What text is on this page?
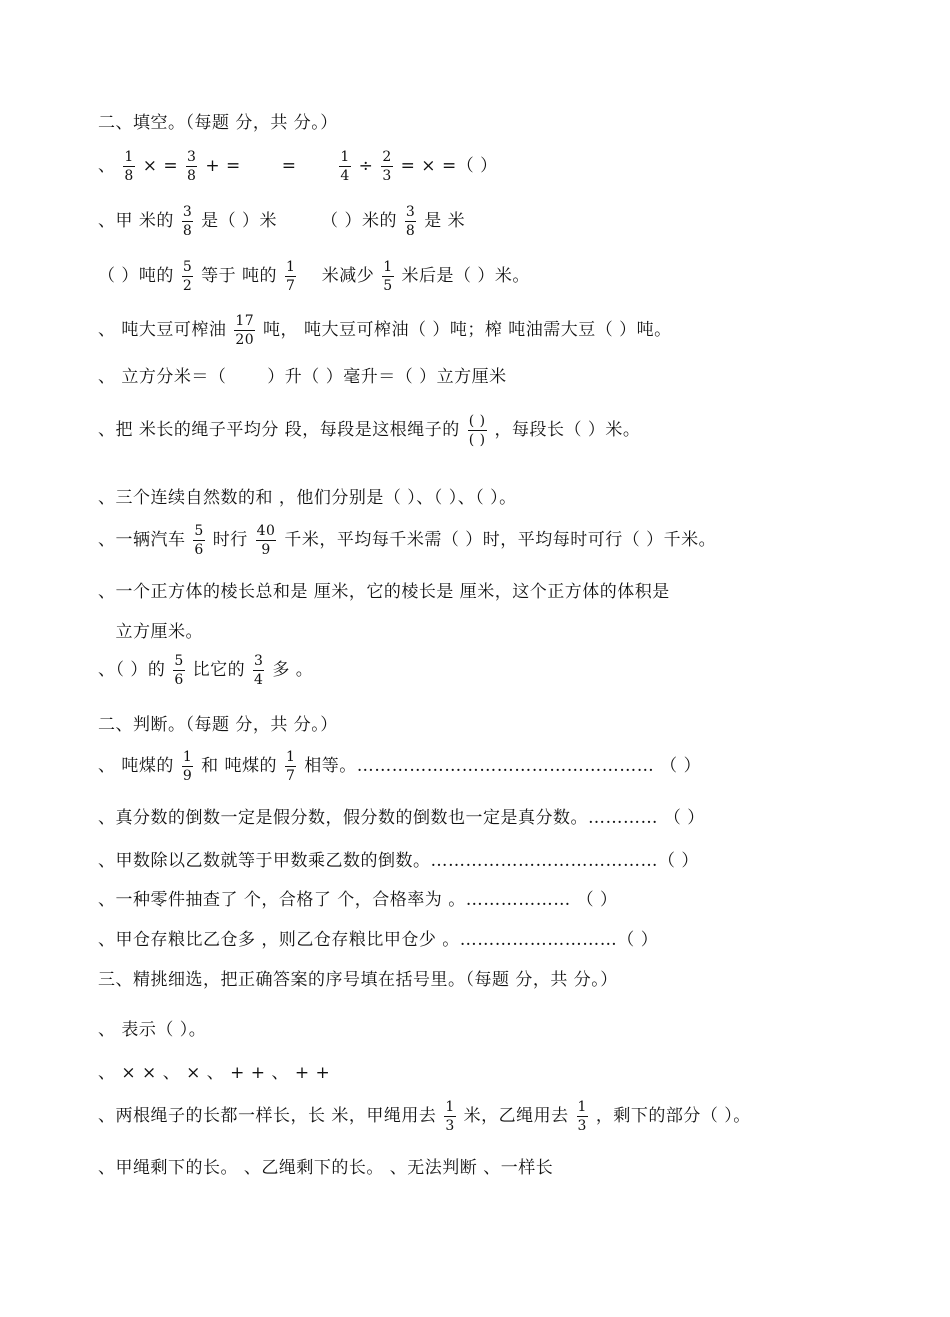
二、填空。（每题 分，共 分。）
、 $\frac{1}{8}$ × = $\frac{3}{8}$ + =　　 =　　	$\frac{1}{4} \div \frac{2}{3}$ = × =（ ）
、甲 米的 $\frac{3}{8}$ 是（ ）米　　　（ ）米的 $\frac{3}{8}$ 是 米
（ ）吨的 $\frac{5}{2}$ 等于 吨的 $\frac{1}{7}$ 　米减少 $\frac{1}{5}$ 米后是（ ）米。
、 吨大豆可榨油 $\frac{17}{20}$ 吨， 吨大豆可榨油（ ）吨；榨 吨油需大豆（ ）吨。
、 立方分米＝（　　 ）升（ ）毫升＝（ ）立方厘米
、把 米长的绳子平均分 段，每段是这根绳子的 $\frac{( )}{( )}$ ，每段长（ ）米。
、三个连续自然数的和 ，他们分别是（ ）、（ ）、（ ）。
、一辆汽车 $\frac{5}{6}$ 时行 $\frac{40}{9}$ 千米，平均每千米需（ ）时，平均每时可行（ ）千米。
、一个正方体的棱长总和是 厘米，它的棱长是 厘米，这个正方体的体积是
　立方厘米。
、（ ）的 $\frac{5}{6}$ 比它的 $\frac{3}{4}$ 多 。
二、判断。（每题 分，共 分。）
、 吨煤的 $\frac{1}{9}$ 和 吨煤的 $\frac{1}{7}$ 相等。…………………………………………… （ ）
、真分数的倒数一定是假分数，假分数的倒数也一定是真分数。………… （ ）
、甲数除以乙数就等于甲数乘乙数的倒数。…………………………………（ ）
、一种零件抽查了 个，合格了 个，合格率为 。……………… （ ）
、甲仓存粮比乙仓多 ，则乙仓存粮比甲仓少 。………………………（ ）
三、精挑细选，把正确答案的序号填在括号里。（每题 分，共 分。）
、 表示（ ）。
、 × × 、 × 、 + + 、 + +
、两根绳子的长都一样长，长 米，甲绳用去 $\frac{1}{3}$ 米，乙绳用去 $\frac{1}{3}$ ，剩下的部分（ ）。
、甲绳剩下的长。 、乙绳剩下的长。 、无法判断 、一样长
